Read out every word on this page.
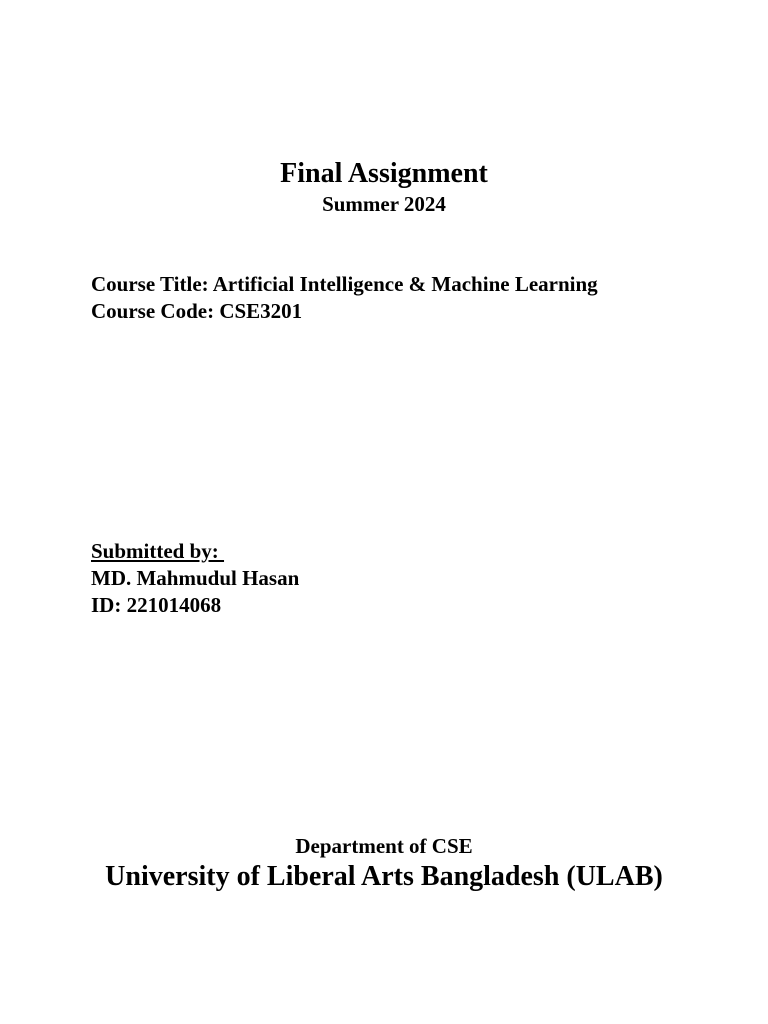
Final Assignment
Summer 2024
Course Title: Artificial Intelligence & Machine Learning
Course Code: CSE3201
Submitted by:
MD. Mahmudul Hasan
ID: 221014068
Department of CSE
University of Liberal Arts Bangladesh (ULAB)
